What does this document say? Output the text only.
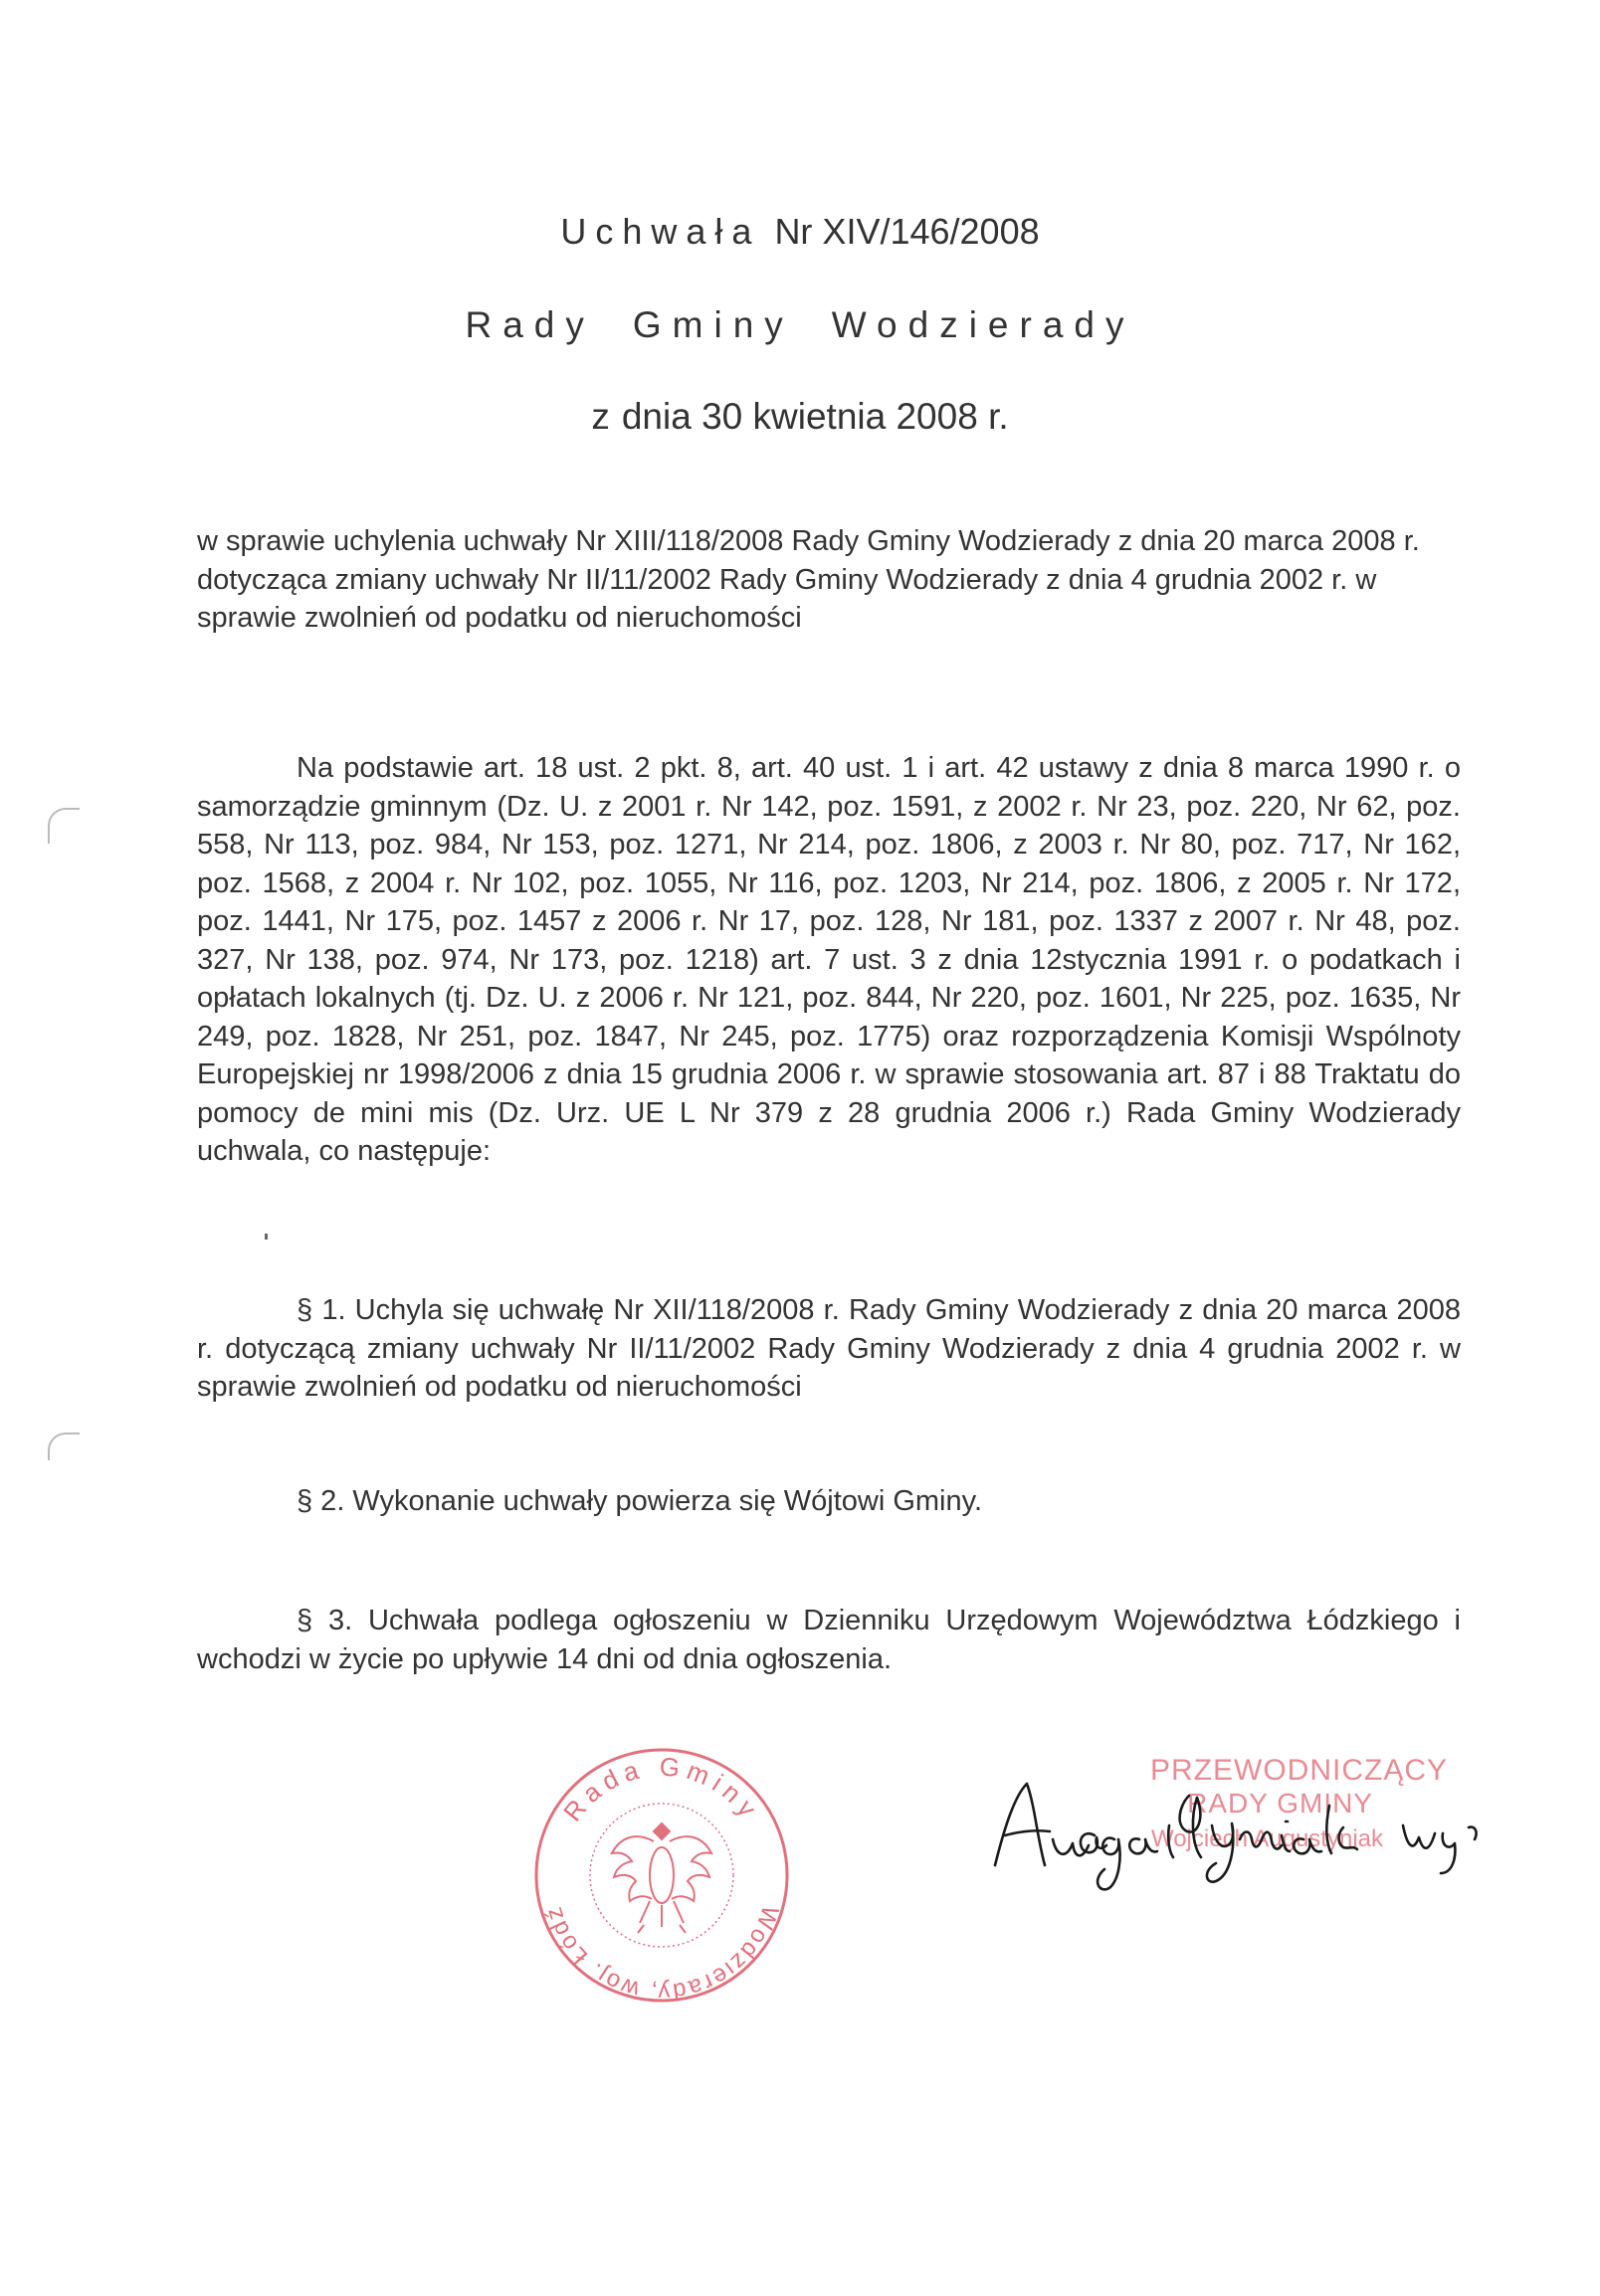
Uchwała Nr XIV/146/2008
Rady Gminy Wodzierady
z dnia 30 kwietnia 2008 r.
w sprawie uchylenia uchwały Nr XIII/118/2008 Rady Gminy Wodzierady z dnia 20 marca 2008 r. dotycząca zmiany uchwały Nr II/11/2002 Rady Gminy Wodzierady z dnia 4 grudnia 2002 r. w sprawie zwolnień od podatku od nieruchomości
Na podstawie art. 18 ust. 2 pkt. 8, art. 40 ust. 1 i art. 42 ustawy z dnia 8 marca 1990 r. o samorządzie gminnym (Dz. U. z 2001 r. Nr 142, poz. 1591, z 2002 r. Nr 23, poz. 220, Nr 62, poz. 558, Nr 113, poz. 984, Nr 153, poz. 1271, Nr 214, poz. 1806, z 2003 r. Nr 80, poz. 717, Nr 162, poz. 1568, z 2004 r. Nr 102, poz. 1055, Nr 116, poz. 1203, Nr 214, poz. 1806, z 2005 r. Nr 172, poz. 1441, Nr 175, poz. 1457 z 2006 r. Nr 17, poz. 128, Nr 181, poz. 1337 z 2007 r. Nr 48, poz. 327, Nr 138, poz. 974, Nr 173, poz. 1218) art. 7 ust. 3 z dnia 12stycznia 1991 r. o podatkach i opłatach lokalnych (tj. Dz. U. z 2006 r. Nr 121, poz. 844, Nr 220, poz. 1601, Nr 225, poz. 1635, Nr 249, poz. 1828, Nr 251, poz. 1847, Nr 245, poz. 1775) oraz rozporządzenia Komisji Wspólnoty Europejskiej nr 1998/2006 z dnia 15 grudnia 2006 r. w sprawie stosowania art. 87 i 88 Traktatu do pomocy de mini mis (Dz. Urz. UE L Nr 379 z 28 grudnia 2006 r.) Rada Gminy Wodzierady uchwala, co następuje:
§ 1. Uchyla się uchwałę Nr XII/118/2008 r. Rady Gminy Wodzierady z dnia 20 marca 2008 r. dotyczącą zmiany uchwały Nr II/11/2002 Rady Gminy Wodzierady z dnia 4 grudnia 2002 r. w sprawie zwolnień od podatku od nieruchomości
§ 2. Wykonanie uchwały powierza się Wójtowi Gminy.
§ 3. Uchwała podlega ogłoszeniu w Dzienniku Urzędowym Województwa Łódzkiego i wchodzi w życie po upływie 14 dni od dnia ogłoszenia.
Rada Gminy
Wodzierady, woj. Łódź
PRZEWODNICZĄCY
RADY GMINY
Wojciech Augustyniak
